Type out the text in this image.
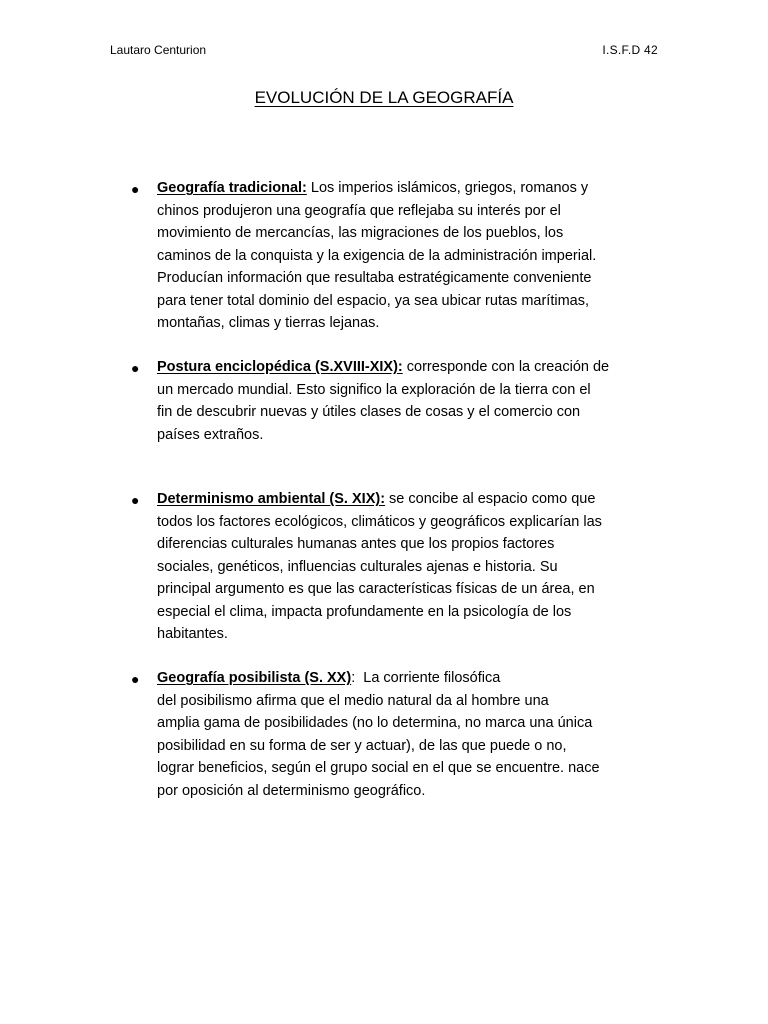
Lautaro Centurion	I.S.F.D 42
EVOLUCIÓN DE LA GEOGRAFÍA
● Geografía tradicional: Los imperios islámicos, griegos, romanos y
chinos produjeron una geografía que reflejaba su interés por el
movimiento de mercancías, las migraciones de los pueblos, los
caminos de la conquista y la exigencia de la administración imperial.
Producían información que resultaba estratégicamente conveniente
para tener total dominio del espacio, ya sea ubicar rutas marítimas,
montañas, climas y tierras lejanas.

● Postura enciclopédica (S.XVIII-XIX): corresponde con la creación de
un mercado mundial. Esto significo la exploración de la tierra con el
fin de descubrir nuevas y útiles clases de cosas y el comercio con
países extraños.

● Determinismo ambiental (S. XIX): se concibe al espacio como que
todos los factores ecológicos, climáticos y geográficos explicarían las
diferencias culturales humanas antes que los propios factores
sociales, genéticos, influencias culturales ajenas e historia. Su
principal argumento es que las características físicas de un área, en
especial el clima, impacta profundamente en la psicología de los
habitantes.

● Geografía posibilista (S. XX):  La corriente filosófica
del posibilismo afirma que el medio natural da al hombre una
amplia gama de posibilidades (no lo determina, no marca una única
posibilidad en su forma de ser y actuar), de las que puede o no,
lograr beneficios, según el grupo social en el que se encuentre. nace
por oposición al determinismo geográfico.
